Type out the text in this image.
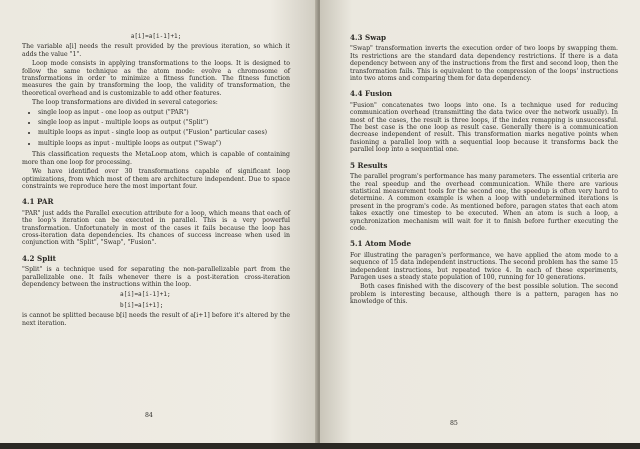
a[i]=a[i-1]+1;

The variable a[i] needs the result provided by the previous iteration, so which it adds the value "1".

Loop mode consists in applying transformations to the loops. It is designed to follow the same technique as the atom mode: evolve a chromosome of transformations in order to minimize a fitness function. The fitness function measures the gain by transforming the loop, the validity of transformation, the theoretical overhead and is customizable to add other features.

The loop transformations are divided in several categories:

• single loop as input - one loop as output ("PAR")
• single loop as input - multiple loops as output ("Split")
• multiple loops as input - single loop as output ("Fusion" particular cases)
• multiple loops as input - multiple loops as output ("Swap")

This classification requests the MetaLoop atom, which is capable of containing more than one loop for processing.

We have identified over 30 transformations capable of significant loop optimizations, from which most of them are architecture independent. Due to space constraints we reproduce here the most important four.

4.1 PAR

"PAR" just adds the Parallel execution attribute for a loop, which means that each of the loop's iteration can be executed in parallel. This is a very powerful transformation. Unfortunately in most of the cases it fails because the loop has cross-iteration data dependencies. Its chances of success increase when used in conjunction with "Split", "Swap", "Fusion".

4.2 Split

"Split" is a technique used for separating the non-parallelizable part from the parallelizable one. It fails whenever there is a post-iteration cross-iteration dependency between the instructions within the loop.

a[i]=a[i-1]+1;
b[i]=a[i+1];

is cannot be splitted because b[i] needs the result of a[i+1] before it's altered by the next iteration.

84
4.3 Swap

"Swap" transformation inverts the execution order of two loops by swapping them. Its restrictions are the standard data dependency restrictions. If there is a data dependency between any of the instructions from the first and second loop, then the transformation fails. This is equivalent to the compression of the loops' instructions into two atoms and comparing them for data dependency.

4.4 Fusion

"Fusion" concatenates two loops into one. Is a technique used for reducing communication overhead (transmitting the data twice over the network usually). In most of the cases, the result is three loops, if the index remapping is unsuccessful. The best case is the one loop as result case. Generally there is a communication decrease independent of result. This transformation marks negative points when fusioning a parallel loop with a sequential loop because it transforms back the parallel loop into a sequential one.

5 Results

The parallel program's performance has many parameters. The essential criteria are the real speedup and the overhead communication. While there are various statistical measurement tools for the second one, the speedup is often very hard to determine. A common example is when a loop with undetermined iterations is present in the program's code. As mentioned before, paragen states that each atom takes exactly one timestep to be executed. When an atom is such a loop, a synchronization mechanism will wait for it to finish before further executing the code.

5.1 Atom Mode

For illustrating the paragen's performance, we have applied the atom mode to a sequence of 15 data independent instructions. The second problem has the same 15 independent instructions, but repeated twice 4. In each of these experiments, Paragen uses a steady state population of 100, running for 10 generations.

Both cases finished with the discovery of the best possible solution. The second problem is interesting because, although there is a pattern, paragen has no knowledge of this.

85
